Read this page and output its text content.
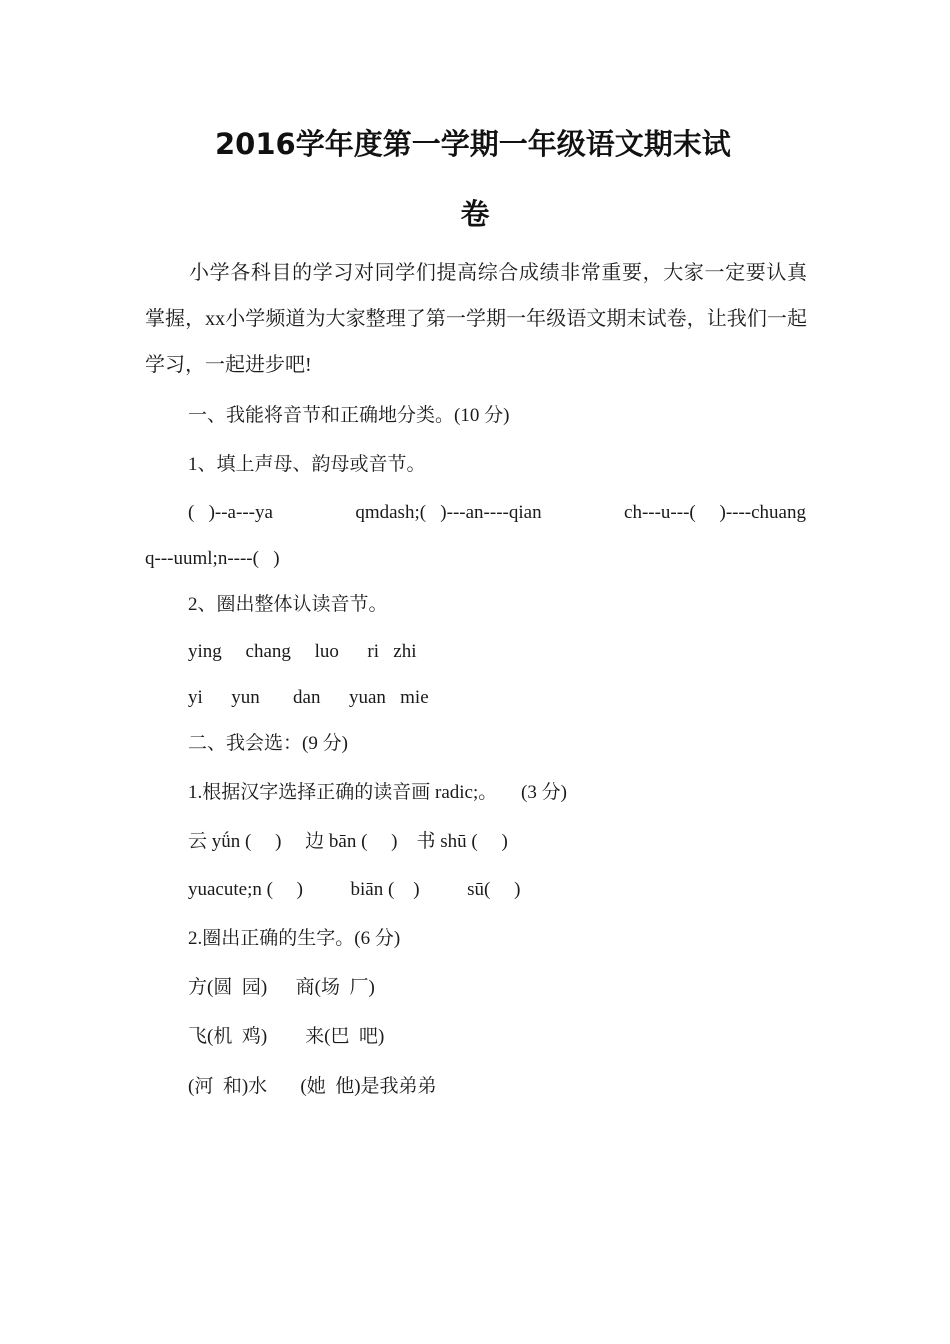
2016学年度第一学期一年级语文期末试
卷
小学各科目的学习对同学们提高综合成绩非常重要，大家一定要认真掌握，xx小学频道为大家整理了第一学期一年级语文期末试卷，让我们一起学习，一起进步吧!
一、我能将音节和正确地分类。(10 分)
1、填上声母、韵母或音节。
(   )--a---ya	qmdash;(   )---an----qian	ch---u---(     )----chuang
q---uuml;n----(   )
2、圈出整体认读音节。
ying     chang     luo      ri   zhi
yi      yun       dan      yuan   mie
二、我会选：(9 分)
1.根据汉字选择正确的读音画 radic;。     (3 分)
云 yǘn (     )     边 bān (     )    书 shū (     )
yuacute;n (     )          biān (    )          sū(     )
2.圈出正确的生字。(6 分)
方(圆  园)      商(场  厂)
飞(机  鸡)        来(巴  吧)
(河  和)水       (她  他)是我弟弟
